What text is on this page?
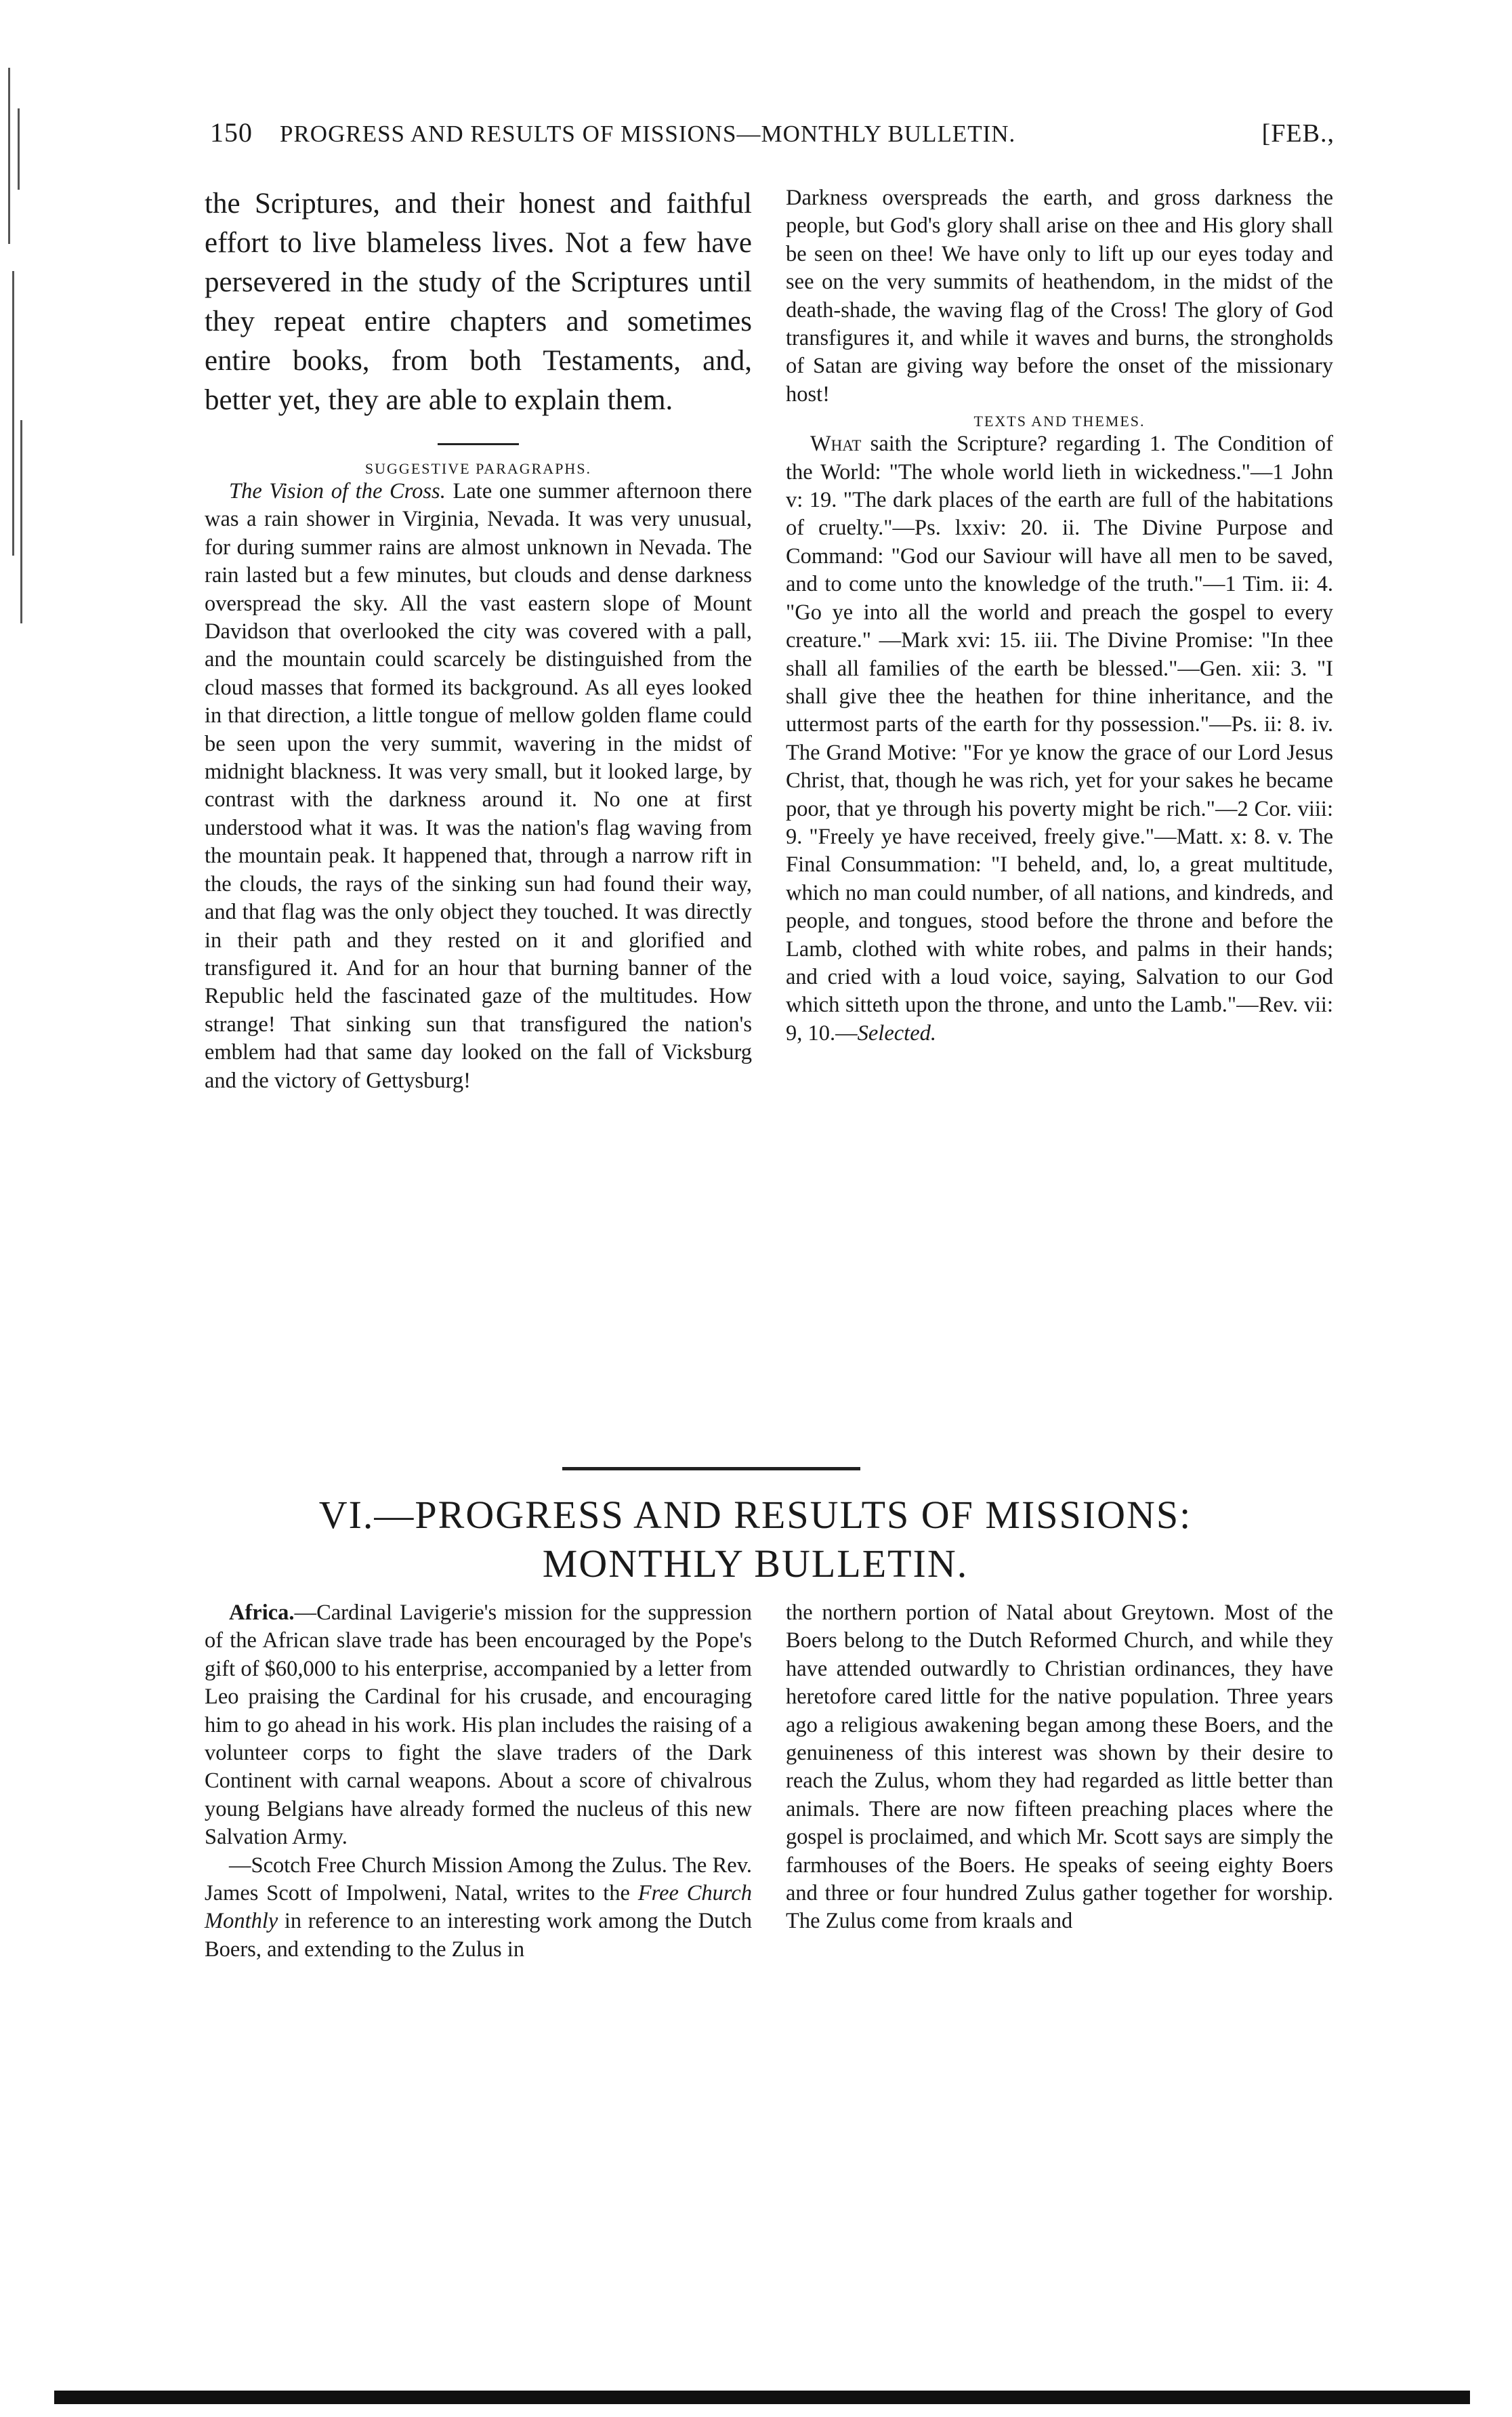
150 PROGRESS AND RESULTS OF MISSIONS—MONTHLY BULLETIN.	[FEB.,

the Scriptures, and their honest and faithful effort to live blameless lives. Not a few have persevered in the study of the Scriptures until they repeat entire chapters and sometimes entire books, from both Testaments, and, better yet, they are able to explain them.

SUGGESTIVE PARAGRAPHS.

The Vision of the Cross. Late one summer afternoon there was a rain shower in Virginia, Nevada. It was very unusual, for during summer rains are almost unknown in Nevada. The rain lasted but a few minutes, but clouds and dense darkness overspread the sky. All the vast eastern slope of Mount Davidson that overlooked the city was covered with a pall, and the mountain could scarcely be distinguished from the cloud masses that formed its background. As all eyes looked in that direction, a little tongue of mellow golden flame could be seen upon the very summit, wavering in the midst of midnight blackness. It was very small, but it looked large, by contrast with the darkness around it. No one at first understood what it was. It was the nation's flag waving from the mountain peak. It happened that, through a narrow rift in the clouds, the rays of the sinking sun had found their way, and that flag was the only object they touched. It was directly in their path and they rested on it and glorified and transfigured it. And for an hour that burning banner of the Republic held the fascinated gaze of the multitudes. How strange! That sinking sun that transfigured the nation's emblem had that same day looked on the fall of Vicksburg and the victory of Gettysburg!

Darkness overspreads the earth, and gross darkness the people, but God's glory shall arise on thee and His glory shall be seen on thee! We have only to lift up our eyes today and see on the very summits of heathendom, in the midst of the death-shade, the waving flag of the Cross! The glory of God transfigures it, and while it waves and burns, the strongholds of Satan are giving way before the onset of the missionary host!

TEXTS AND THEMES.

What saith the Scripture? regarding 1. The Condition of the World: "The whole world lieth in wickedness."—1 John v: 19. "The dark places of the earth are full of the habitations of cruelty."—Ps. lxxiv: 20. ii. The Divine Purpose and Command: "God our Saviour will have all men to be saved, and to come unto the knowledge of the truth."—1 Tim. ii: 4. "Go ye into all the world and preach the gospel to every creature." —Mark xvi: 15. iii. The Divine Promise: "In thee shall all families of the earth be blessed."—Gen. xii: 3. "I shall give thee the heathen for thine inheritance, and the uttermost parts of the earth for thy possession."—Ps. ii: 8. iv. The Grand Motive: "For ye know the grace of our Lord Jesus Christ, that, though he was rich, yet for your sakes he became poor, that ye through his poverty might be rich."—2 Cor. viii: 9. "Freely ye have received, freely give."—Matt. x: 8. v. The Final Consummation: "I beheld, and, lo, a great multitude, which no man could number, of all nations, and kindreds, and people, and tongues, stood before the throne and before the Lamb, clothed with white robes, and palms in their hands; and cried with a loud voice, saying, Salvation to our God which sitteth upon the throne, and unto the Lamb."—Rev. vii: 9, 10.—Selected.

VI.—PROGRESS AND RESULTS OF MISSIONS:
MONTHLY BULLETIN.

Africa.—Cardinal Lavigerie's mission for the suppression of the African slave trade has been encouraged by the Pope's gift of $60,000 to his enterprise, accompanied by a letter from Leo praising the Cardinal for his crusade, and encouraging him to go ahead in his work. His plan includes the raising of a volunteer corps to fight the slave traders of the Dark Continent with carnal weapons. About a score of chivalrous young Belgians have already formed the nucleus of this new Salvation Army.

—Scotch Free Church Mission Among the Zulus. The Rev. James Scott of Impolweni, Natal, writes to the Free Church Monthly in reference to an interesting work among the Dutch Boers, and extending to the Zulus in

the northern portion of Natal about Greytown. Most of the Boers belong to the Dutch Reformed Church, and while they have attended outwardly to Christian ordinances, they have heretofore cared little for the native population. Three years ago a religious awakening began among these Boers, and the genuineness of this interest was shown by their desire to reach the Zulus, whom they had regarded as little better than animals. There are now fifteen preaching places where the gospel is proclaimed, and which Mr. Scott says are simply the farmhouses of the Boers. He speaks of seeing eighty Boers and three or four hundred Zulus gather together for worship. The Zulus come from kraals and
